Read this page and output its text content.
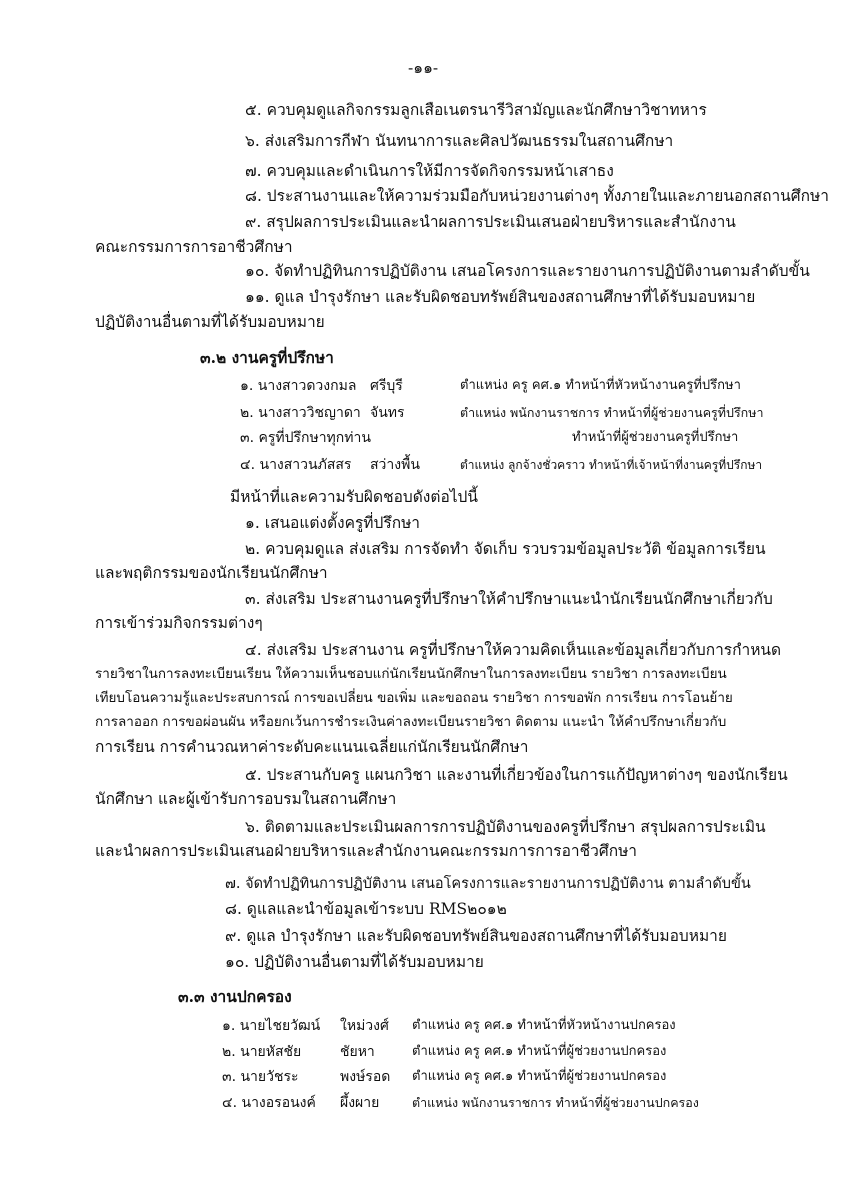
-๑๑-
๕. ควบคุมดูแลกิจกรรมลูกเสือเนตรนารีวิสามัญและนักศึกษาวิชาทหาร
๖. ส่งเสริมการกีฬา นันทนาการและศิลปวัฒนธรรมในสถานศึกษา
๗. ควบคุมและดำเนินการให้มีการจัดกิจกรรมหน้าเสาธง
๘. ประสานงานและให้ความร่วมมือกับหน่วยงานต่างๆ ทั้งภายในและภายนอกสถานศึกษา
๙. สรุปผลการประเมินและนำผลการประเมินเสนอฝ่ายบริหารและสำนักงาน
คณะกรรมการการอาชีวศึกษา
๑๐. จัดทำปฏิทินการปฏิบัติงาน เสนอโครงการและรายงานการปฏิบัติงานตามลำดับขั้น
๑๑. ดูแล บำรุงรักษา และรับผิดชอบทรัพย์สินของสถานศึกษาที่ได้รับมอบหมาย
ปฏิบัติงานอื่นตามที่ได้รับมอบหมาย
๓.๒ งานครูที่ปรึกษา
๑. นางสาวดวงกมล ศรีบุรี	ตำแหน่ง ครู คศ.๑ ทำหน้าที่หัวหน้างานครูที่ปรึกษา
๒. นางสาววิชญาดา จันทร	ตำแหน่ง พนักงานราชการ ทำหน้าที่ผู้ช่วยงานครูที่ปรึกษา
๓. ครูที่ปรึกษาทุกท่าน	ทำหน้าที่ผู้ช่วยงานครูที่ปรึกษา
๔. นางสาวนภัสสร สว่างพื้น	ตำแหน่ง ลูกจ้างชั่วคราว ทำหน้าที่เจ้าหน้าที่งานครูที่ปรึกษา
มีหน้าที่และความรับผิดชอบดังต่อไปนี้
๑. เสนอแต่งตั้งครูที่ปรึกษา
๒. ควบคุมดูแล ส่งเสริม การจัดทำ จัดเก็บ รวบรวมข้อมูลประวัติ ข้อมูลการเรียน
และพฤติกรรมของนักเรียนนักศึกษา
๓. ส่งเสริม ประสานงานครูที่ปรึกษาให้คำปรึกษาแนะนำนักเรียนนักศึกษาเกี่ยวกับ
การเข้าร่วมกิจกรรมต่างๆ
๔. ส่งเสริม ประสานงาน ครูที่ปรึกษาให้ความคิดเห็นและข้อมูลเกี่ยวกับการกำหนด
รายวิชาในการลงทะเบียนเรียน ให้ความเห็นชอบแก่นักเรียนนักศึกษาในการลงทะเบียน รายวิชา การลงทะเบียน
เทียบโอนความรู้และประสบการณ์ การขอเปลี่ยน ขอเพิ่ม และขอถอน รายวิชา การขอพัก การเรียน การโอนย้าย
การลาออก การขอผ่อนผัน หรือยกเว้นการชำระเงินค่าลงทะเบียนรายวิชา ติดตาม แนะนำ ให้คำปรึกษาเกี่ยวกับ
การเรียน การคำนวณหาค่าระดับคะแนนเฉลี่ยแก่นักเรียนนักศึกษา
๕. ประสานกับครู แผนกวิชา และงานที่เกี่ยวข้องในการแก้ปัญหาต่างๆ ของนักเรียน
นักศึกษา และผู้เข้ารับการอบรมในสถานศึกษา
๖. ติดตามและประเมินผลการการปฏิบัติงานของครูที่ปรึกษา สรุปผลการประเมิน
และนำผลการประเมินเสนอฝ่ายบริหารและสำนักงานคณะกรรมการการอาชีวศึกษา
๗. จัดทำปฏิทินการปฏิบัติงาน เสนอโครงการและรายงานการปฏิบัติงาน ตามลำดับขั้น
๘. ดูแลและนำข้อมูลเข้าระบบ RMS๒๐๑๒
๙. ดูแล บำรุงรักษา และรับผิดชอบทรัพย์สินของสถานศึกษาที่ได้รับมอบหมาย
๑๐. ปฏิบัติงานอื่นตามที่ได้รับมอบหมาย
๓.๓ งานปกครอง
๑. นายไชยวัฒน์ ใหม่วงศ์ ตำแหน่ง ครู คศ.๑ ทำหน้าที่หัวหน้างานปกครอง
๒. นายหัสชัย	ชัยหา	ตำแหน่ง ครู คศ.๑ ทำหน้าที่ผู้ช่วยงานปกครอง
๓. นายวัชระ	พงษ์รอด ตำแหน่ง ครู คศ.๑ ทำหน้าที่ผู้ช่วยงานปกครอง
๔. นางอรอนงค์ ผึ้งผาย	ตำแหน่ง พนักงานราชการ ทำหน้าที่ผู้ช่วยงานปกครอง
